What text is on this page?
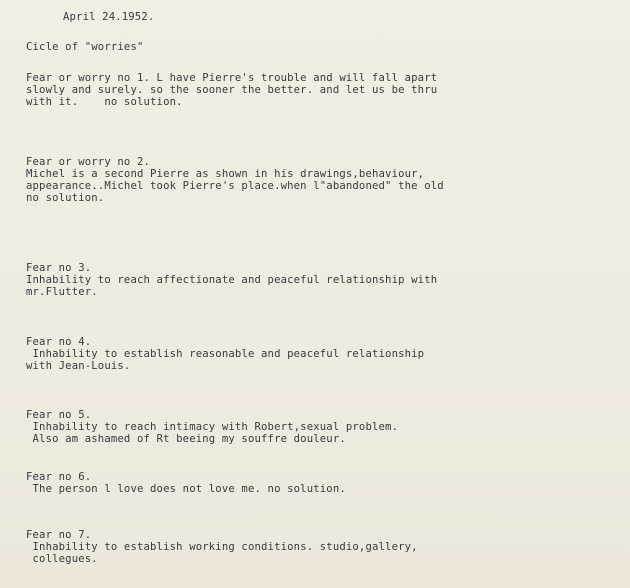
April 24.1952.
Cicle of "worries"
Fear or worry no 1. L have Pierre's trouble and will fall apart
slowly and surely. so the sooner the better. and let us be thru
with it.    no solution.
Fear or worry no 2.
Michel is a second Pierre as shown in his drawings,behaviour,
appearance..Michel took Pierre's place.when l"abandoned" the old
no solution.
Fear no 3.
Inhability to reach affectionate and peaceful relationship with
mr.Flutter.
Fear no 4.
Inhability to establish reasonable and peaceful relationship
with Jean-Louis.
Fear no 5.
Inhability to reach intimacy with Robert,sexual problem.
Also am ashamed of Rt beeing my souffre douleur.
Fear no 6.
The person l love does not love me. no solution.
Fear no 7.
Inhability to establish working conditions. studio,gallery,
collegues.
